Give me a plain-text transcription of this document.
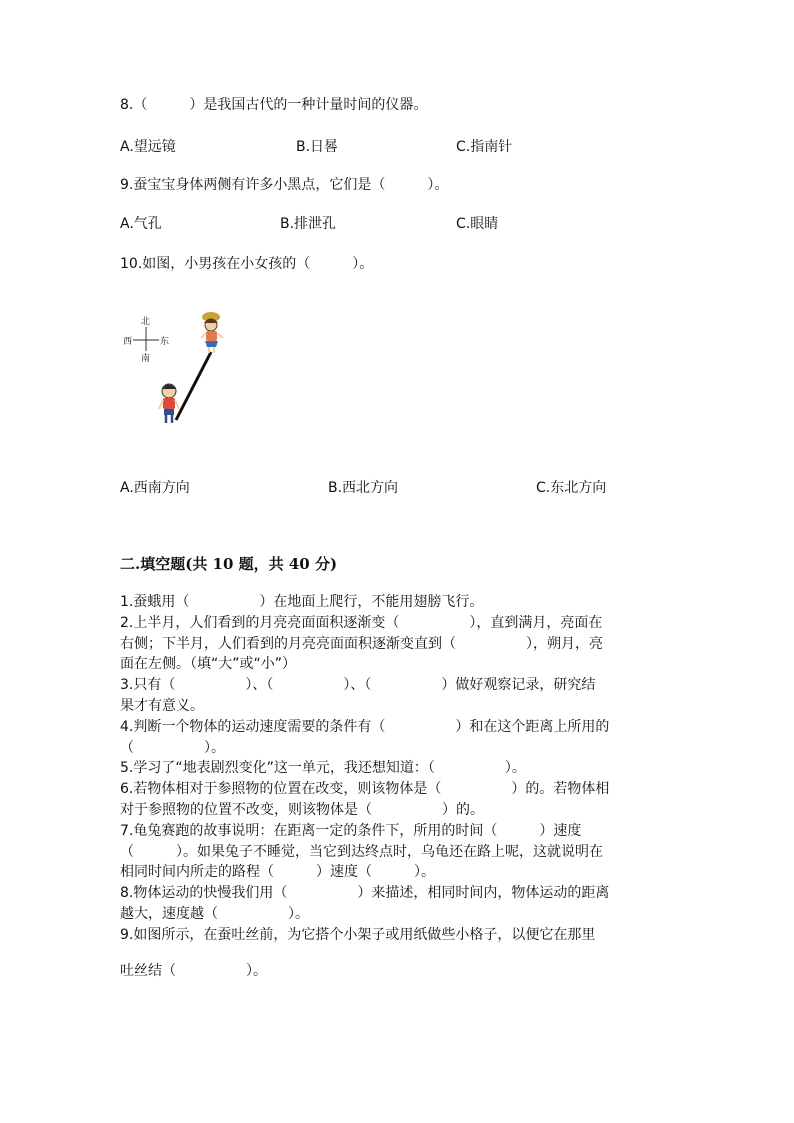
8.（　　　）是我国古代的一种计量时间的仪器。
A.望远镜	B.日晷	C.指南针
9.蚕宝宝身体两侧有许多小黑点，它们是（　　　）。
A.气孔	B.排泄孔	C.眼睛
10.如图，小男孩在小女孩的（　　　）。
北
南
西	东
A.西南方向	B.西北方向	C.东北方向
二.填空题(共 10 题，共 40 分)
1.蚕蛾用（　　　　　）在地面上爬行，不能用翅膀飞行。
2.上半月，人们看到的月亮亮面面积逐渐变（　　　　　），直到满月，亮面在
右侧；下半月，人们看到的月亮亮面面积逐渐变直到（　　　　　），朔月，亮
面在左侧。（填“大”或“小”）
3.只有（　　　　　）、（　　　　　）、（　　　　　）做好观察记录，研究结
果才有意义。
4.判断一个物体的运动速度需要的条件有（　　　　　）和在这个距离上所用的
（　　　　　）。
5.学习了“地表剧烈变化”这一单元，我还想知道：（　　　　　）。
6.若物体相对于参照物的位置在改变，则该物体是（　　　　　）的。若物体相
对于参照物的位置不改变，则该物体是（　　　　　）的。
7.龟兔赛跑的故事说明：在距离一定的条件下，所用的时间（　　　）速度
（　　　）。如果兔子不睡觉，当它到达终点时，乌龟还在路上呢，这就说明在
相同时间内所走的路程（　　　）速度（　　　）。
8.物体运动的快慢我们用（　　　　　）来描述，相同时间内，物体运动的距离
越大，速度越（　　　　　）。
9.如图所示，在蚕吐丝前，为它搭个小架子或用纸做些小格子，以便它在那里
吐丝结（　　　　　）。
